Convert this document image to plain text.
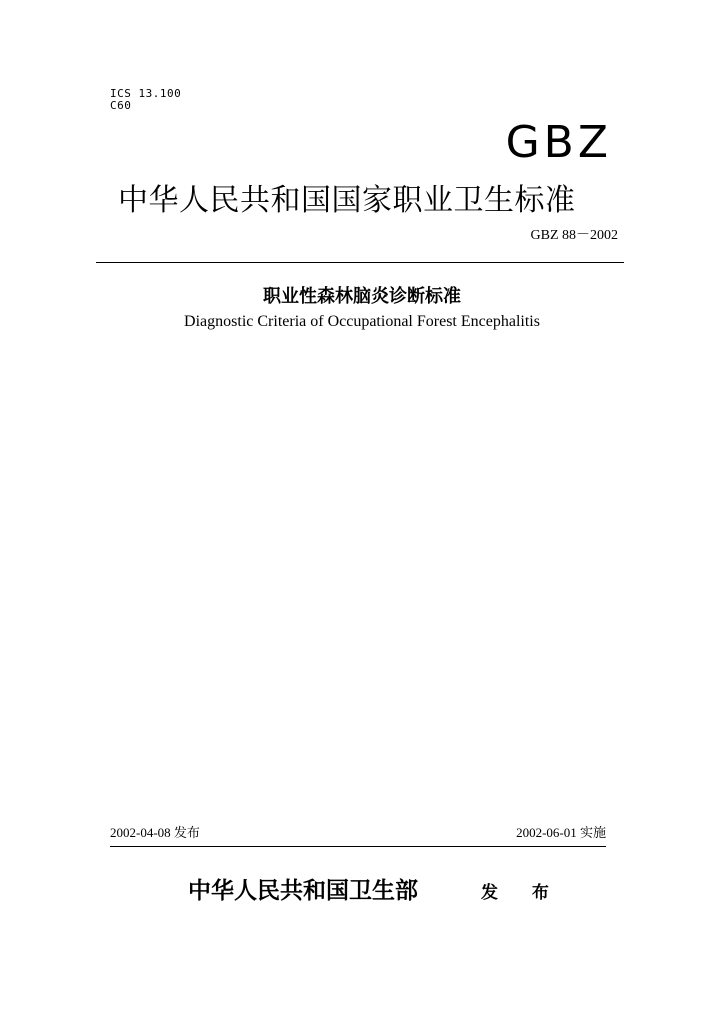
ICS 13.100
C60
GBZ
中华人民共和国国家职业卫生标准
GBZ 88－2002
职业性森林脑炎诊断标准
Diagnostic Criteria of Occupational Forest Encephalitis
2002-04-08 发布	2002-06-01 实施
中华人民共和国卫生部	发 布
